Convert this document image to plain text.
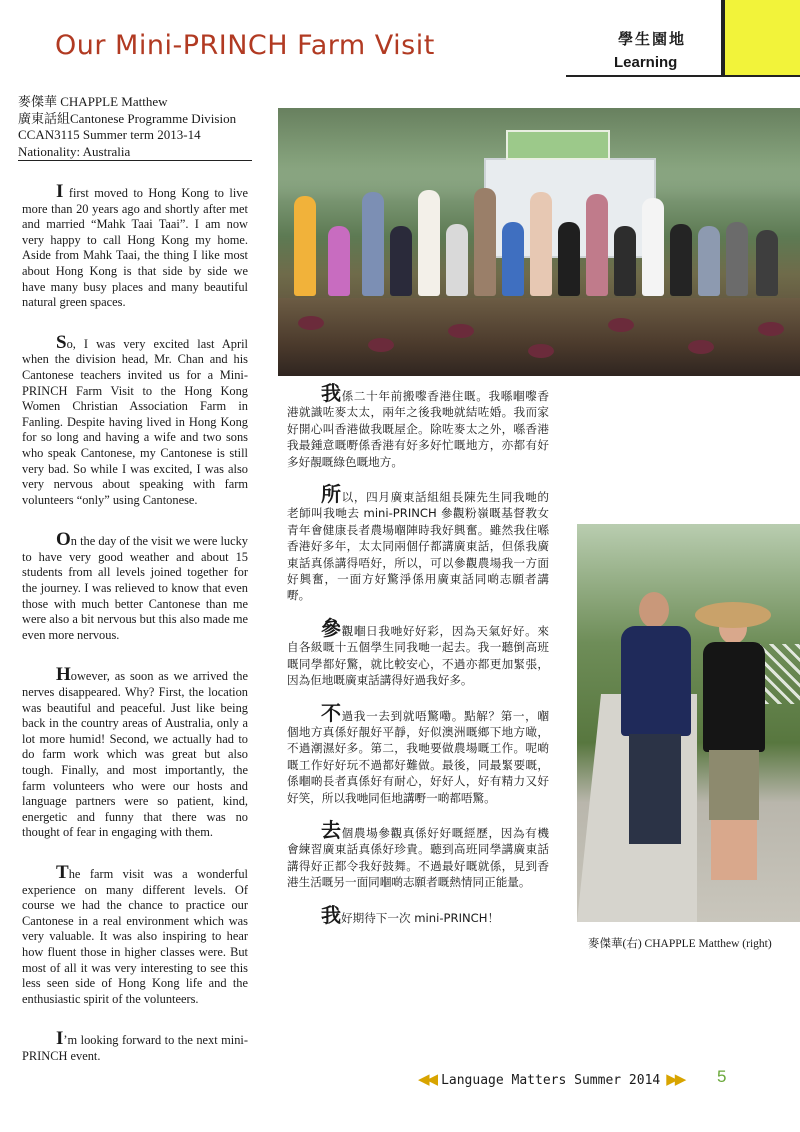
Our Mini-PRINCH Farm Visit	學生園地
Learning
麥傑華 CHAPPLE Matthew
廣東話組Cantonese Programme Division
CCAN3115 Summer term 2013-14
Nationality: Australia

I first moved to Hong Kong to live more than 20 years ago and shortly after met and married “Mahk Taai Taai”. I am now very happy to call Hong Kong my home. Aside from Mahk Taai, the thing I like most about Hong Kong is that side by side we have many busy places and many beautiful natural green spaces.

So, I was very excited last April when the division head, Mr. Chan and his Cantonese teachers invited us for a Mini-PRINCH Farm Visit to the Hong Kong Women Christian Association Farm in Fanling. Despite having lived in Hong Kong for so long and having a wife and two sons who speak Cantonese, my Cantonese is still very bad. So while I was excited, I was also very nervous about speaking with farm volunteers “only” using Cantonese.

On the day of the visit we were lucky to have very good weather and about 15 students from all levels joined together for the journey. I was relieved to know that even those with much better Cantonese than me were also a bit nervous but this also made me even more nervous.

However, as soon as we arrived the nerves disappeared. Why? First, the location was beautiful and peaceful. Just like being back in the country areas of Australia, only a lot more humid! Second, we actually had to do farm work which was great but also tough. Finally, and most importantly, the farm volunteers who were our hosts and language partners were so patient, kind, energetic and funny that there was no thought of fear in engaging with them.

The farm visit was a wonderful experience on many different levels. Of course we had the chance to practice our Cantonese in a real environment which was very valuable. It was also inspiring to hear how fluent those in higher classes were. But most of all it was very interesting to see this less seen side of Hong Kong life and the enthusiastic spirit of the volunteers.

I’m looking forward to the next mini-PRINCH event.

我係二十年前搬嚟香港住嘅。我喺嗰嚟香港就識咗麥太太，兩年之後我哋就結咗婚。我而家好開心叫香港做我嘅屋企。除咗麥太之外，喺香港我最鍾意嘅嘢係香港有好多好忙嘅地方，亦都有好多好靚嘅綠色嘅地方。

所以，四月廣東話組組長陳先生同我哋的老師叫我哋去 mini-PRINCH 參觀粉嶺嘅基督教女青年會健康長者農場嗰陣時我好興奮。雖然我住喺香港好多年，太太同兩個仔都講廣東話，但係我廣東話真係講得唔好，所以，可以參觀農場我一方面好興奮，一面方好驚淨係用廣東話同啲志願者講嘢。

參觀嗰日我哋好好彩，因為天氣好好。來自各級嘅十五個學生同我哋一起去。我一聽倒高班嘅同學都好驚，就比較安心，不過亦都更加緊張，因為佢地嘅廣東話講得好過我好多。

不過我一去到就唔驚嘞。點解？第一，嗰個地方真係好靚好平靜，好似澳洲嘅鄉下地方噉，不過潮濕好多。第二，我哋要做農場嘅工作。呢啲嘅工作好好玩不過都好難做。最後，同最緊要嘅，係嗰啲長者真係好有耐心，好好人，好有精力又好好笑，所以我哋同佢地講嘢一啲都唔驚。

去個農場參觀真係好好嘅經歷，因為有機會練習廣東話真係好珍貴。聽到高班同學講廣東話講得好正都令我好鼓舞。不過最好嘅就係，見到香港生活嘅另一面同嗰啲志願者嘅熱情同正能量。

我好期待下一次 mini-PRINCH！

麥傑華(右) CHAPPLE Matthew (right)
◀◀ Language Matters Summer 2014 ▶▶	5
